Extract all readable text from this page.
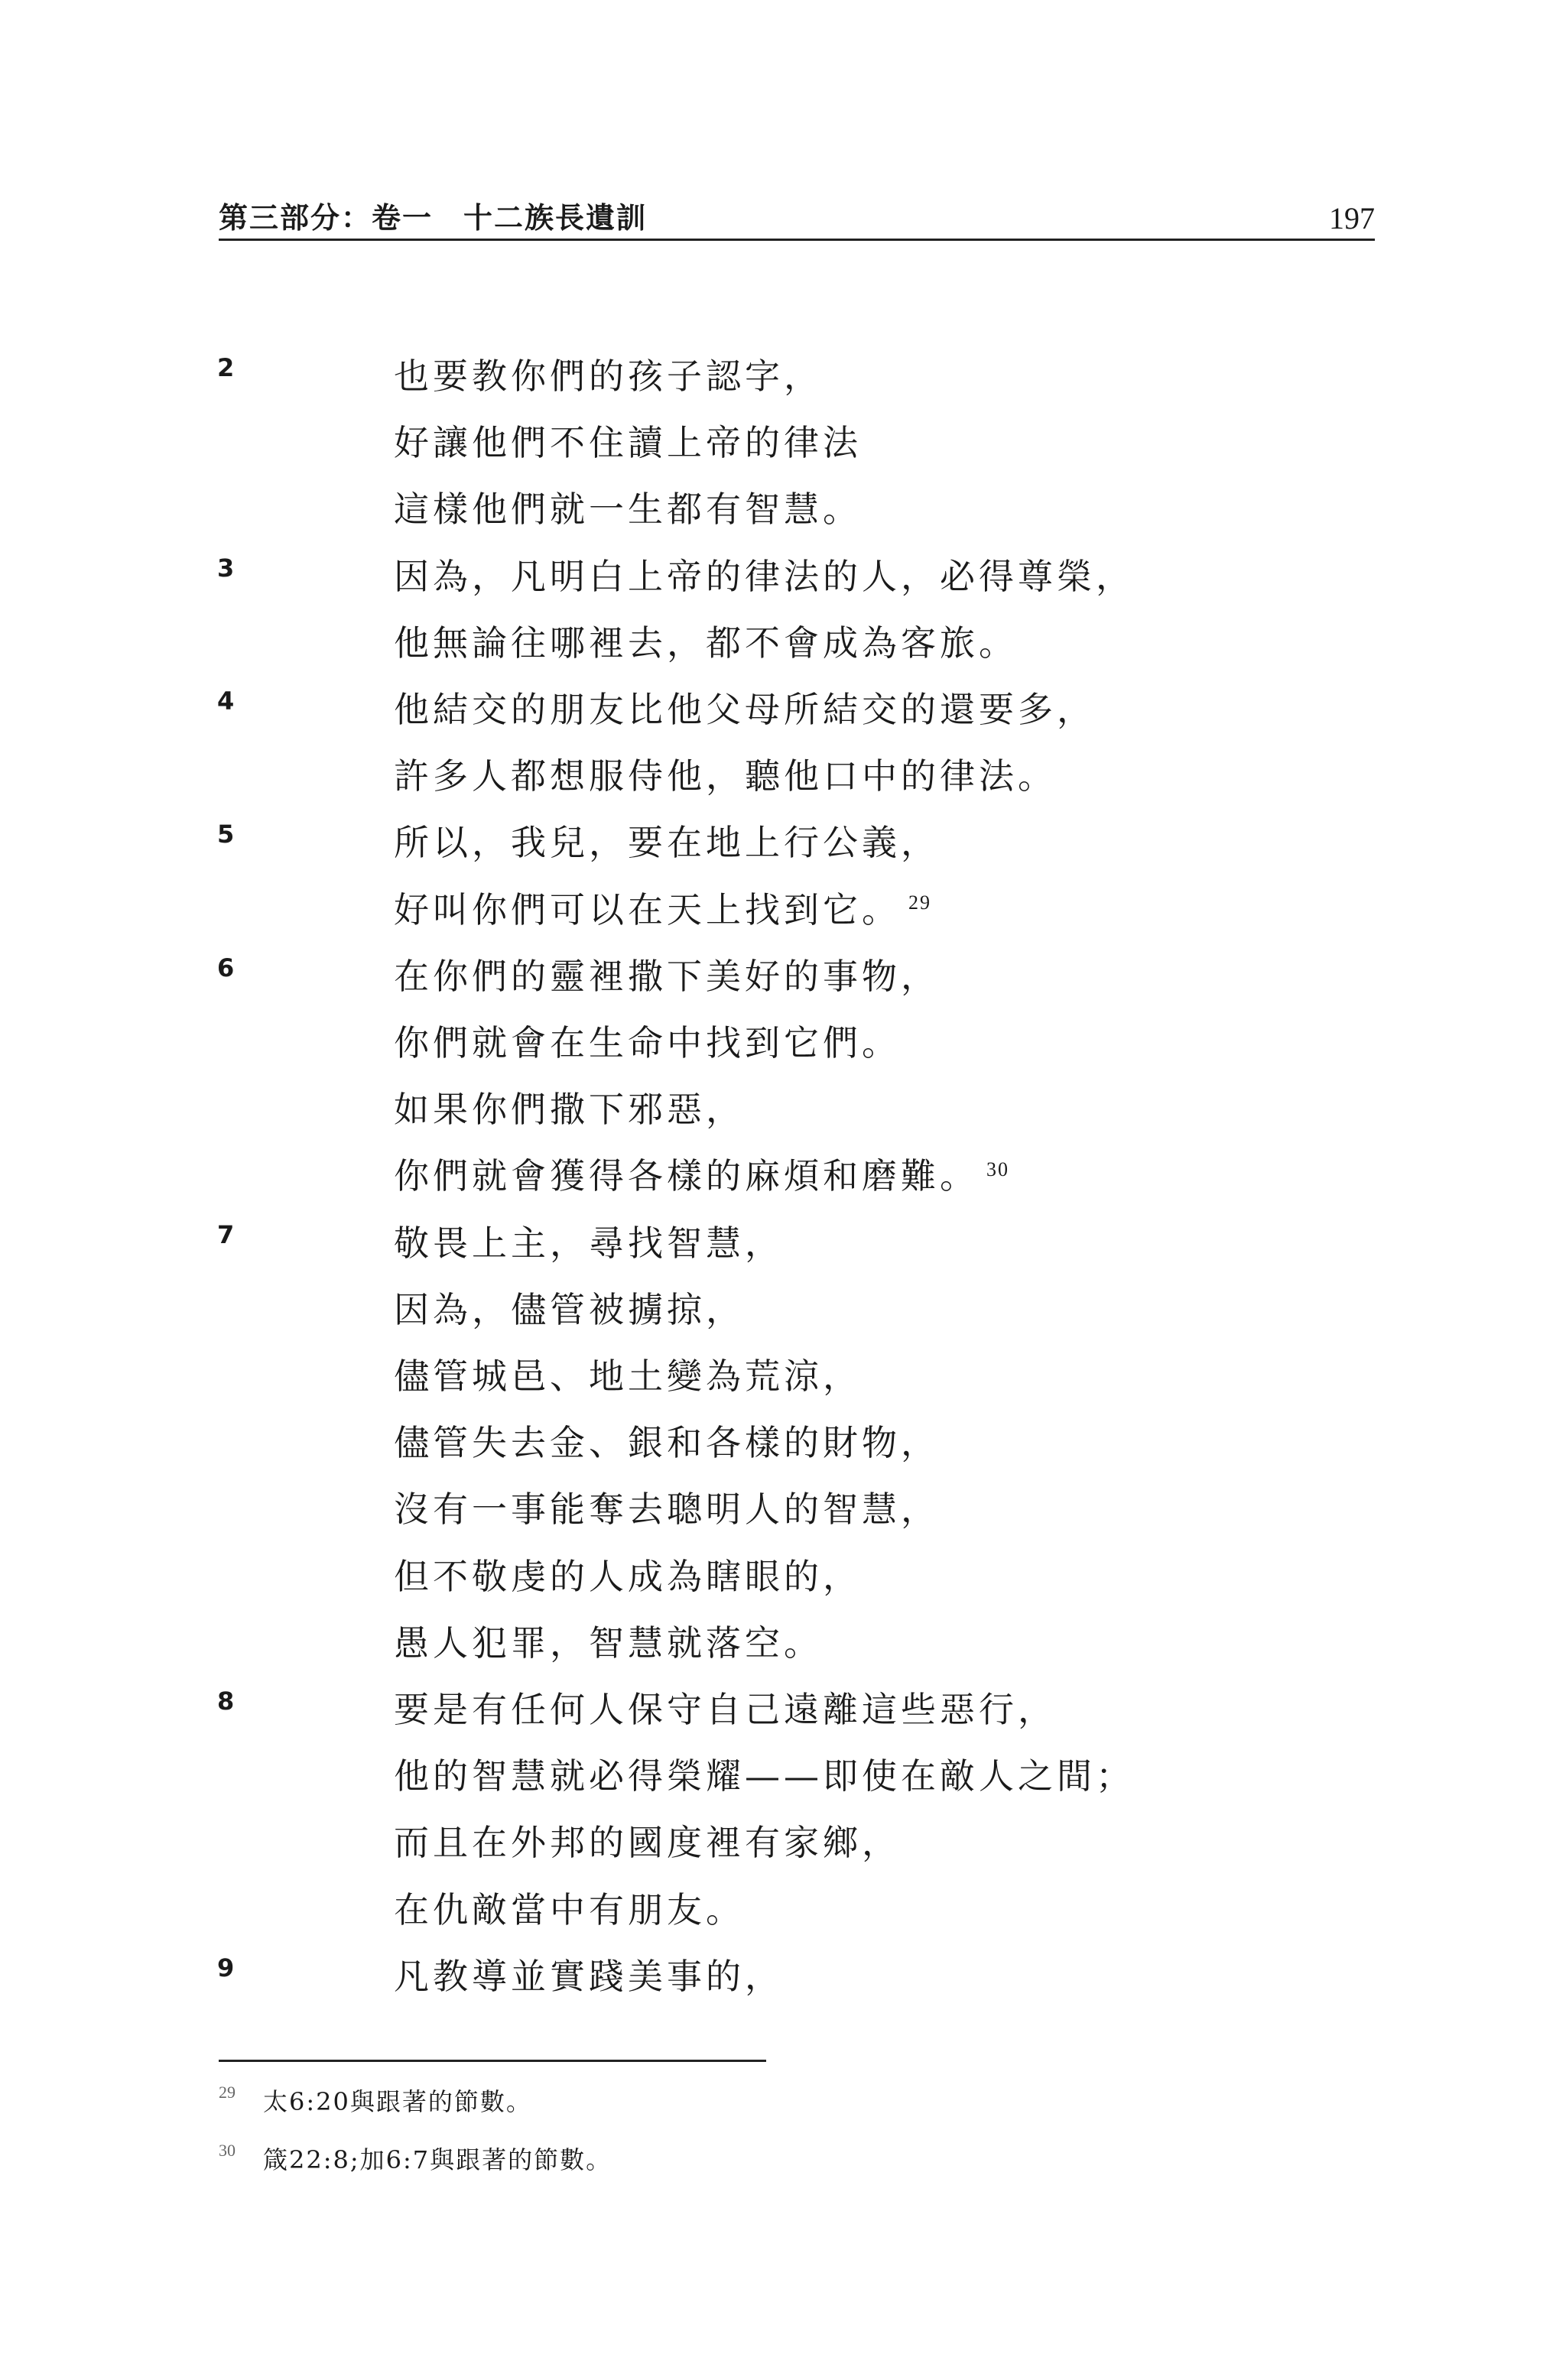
第三部分：卷一　十二族長遺訓	197
2	也要教你們的孩子認字，
好讓他們不住讀上帝的律法
這樣他們就一生都有智慧。
3	因為，凡明白上帝的律法的人，必得尊榮，
他無論往哪裡去，都不會成為客旅。
4	他結交的朋友比他父母所結交的還要多，
許多人都想服侍他，聽他口中的律法。
5	所以，我兒，要在地上行公義，
好叫你們可以在天上找到它。 $^{29}$
6	在你們的靈裡撒下美好的事物，
你們就會在生命中找到它們。
如果你們撒下邪惡，
你們就會獲得各樣的麻煩和磨難。 $^{30}$
7	敬畏上主，尋找智慧，
因為，儘管被擄掠，
儘管城邑、地土變為荒涼，
儘管失去金、銀和各樣的財物，
沒有一事能奪去聰明人的智慧，
但不敬虔的人成為瞎眼的，
愚人犯罪，智慧就落空。
8	要是有任何人保守自己遠離這些惡行，
他的智慧就必得榮耀——即使在敵人之間；
而且在外邦的國度裡有家鄉，
在仇敵當中有朋友。
9	凡教導並實踐美事的，
29 太6:20與跟著的節數。
30 箴22:8;加6:7與跟著的節數。
